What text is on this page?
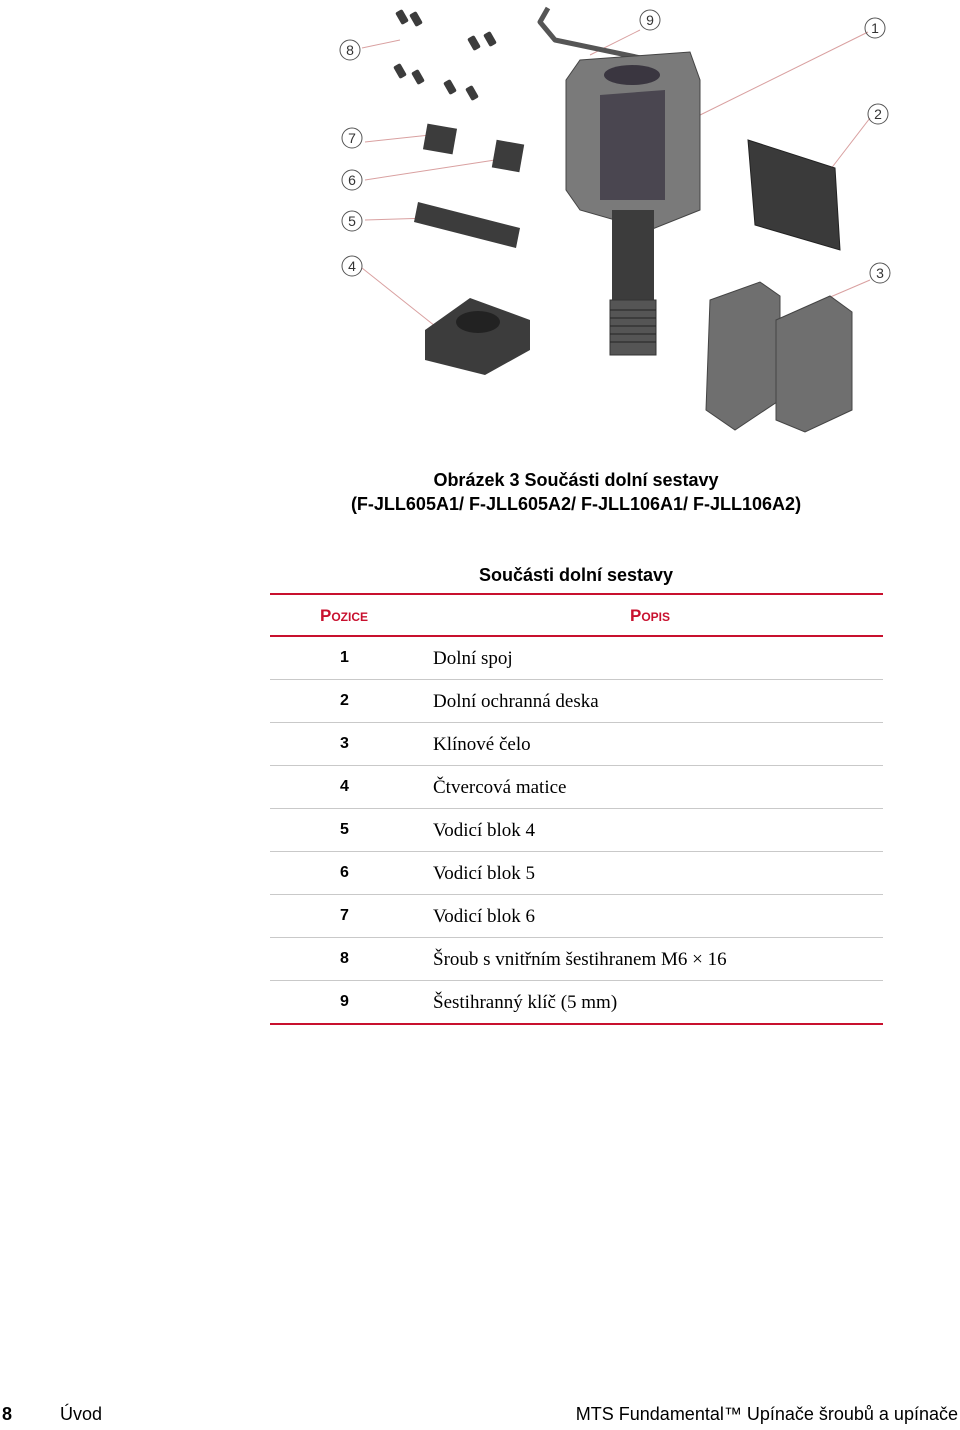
1
2
3
4
5
6
7
8
9
Obrázek 3 Součásti dolní sestavy
(F-JLL605A1/ F-JLL605A2/ F-JLL106A1/ F-JLL106A2)
Součásti dolní sestavy
Pozice	Popis
1	Dolní spoj
2	Dolní ochranná deska
3	Klínové čelo
4	Čtvercová matice
5	Vodicí blok 4
6	Vodicí blok 5
7	Vodicí blok 6
8	Šroub s vnitřním šestihranem M6 × 16
9	Šestihranný klíč (5 mm)
8	Úvod	MTS Fundamental™ Upínače šroubů a upínače
